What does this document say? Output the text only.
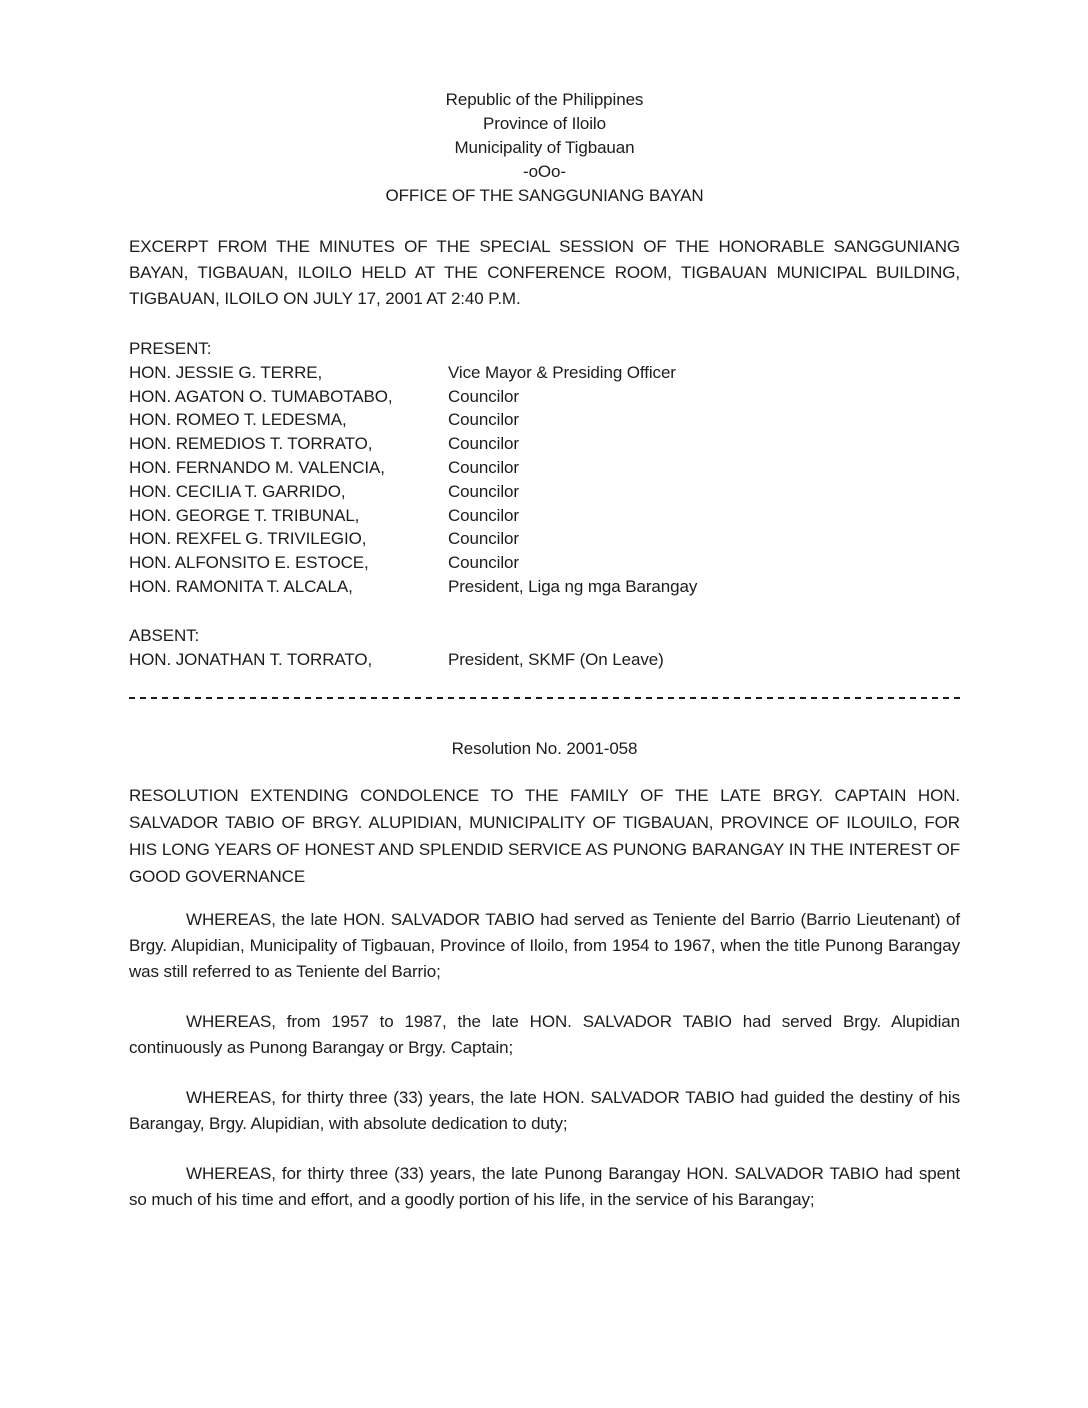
Republic of the Philippines
Province of Iloilo
Municipality of Tigbauan
-oOo-
OFFICE OF THE SANGGUNIANG BAYAN

EXCERPT FROM THE MINUTES OF THE SPECIAL SESSION OF THE HONORABLE SANGGUNIANG BAYAN, TIGBAUAN, ILOILO HELD AT THE CONFERENCE ROOM, TIGBAUAN MUNICIPAL BUILDING, TIGBAUAN, ILOILO ON JULY 17, 2001 AT 2:40 P.M.

PRESENT:
HON. JESSIE G. TERRE,	Vice Mayor & Presiding Officer
HON. AGATON O. TUMABOTABO,	Councilor
HON. ROMEO T. LEDESMA,	Councilor
HON. REMEDIOS T. TORRATO,	Councilor
HON. FERNANDO M. VALENCIA,	Councilor
HON. CECILIA T. GARRIDO,	Councilor
HON. GEORGE T. TRIBUNAL,	Councilor
HON. REXFEL G. TRIVILEGIO,	Councilor
HON. ALFONSITO E. ESTOCE,	Councilor
HON. RAMONITA T. ALCALA,	President, Liga ng mga Barangay
ABSENT:
HON. JONATHAN T. TORRATO,	President, SKMF (On Leave)
Resolution No. 2001-058

RESOLUTION EXTENDING CONDOLENCE TO THE FAMILY OF THE LATE BRGY. CAPTAIN HON. SALVADOR TABIO OF BRGY. ALUPIDIAN, MUNICIPALITY OF TIGBAUAN, PROVINCE OF ILOUILO, FOR HIS LONG YEARS OF HONEST AND SPLENDID SERVICE AS PUNONG BARANGAY IN THE INTEREST OF GOOD GOVERNANCE

WHEREAS, the late HON. SALVADOR TABIO had served as Teniente del Barrio (Barrio Lieutenant) of Brgy. Alupidian, Municipality of Tigbauan, Province of Iloilo, from 1954 to 1967, when the title Punong Barangay was still referred to as Teniente del Barrio;

WHEREAS, from 1957 to 1987, the late HON. SALVADOR TABIO had served Brgy. Alupidian continuously as Punong Barangay or Brgy. Captain;

WHEREAS, for thirty three (33) years, the late HON. SALVADOR TABIO had guided the destiny of his Barangay, Brgy. Alupidian, with absolute dedication to duty;

WHEREAS, for thirty three (33) years, the late Punong Barangay HON. SALVADOR TABIO had spent so much of his time and effort, and a goodly portion of his life, in the service of his Barangay;
